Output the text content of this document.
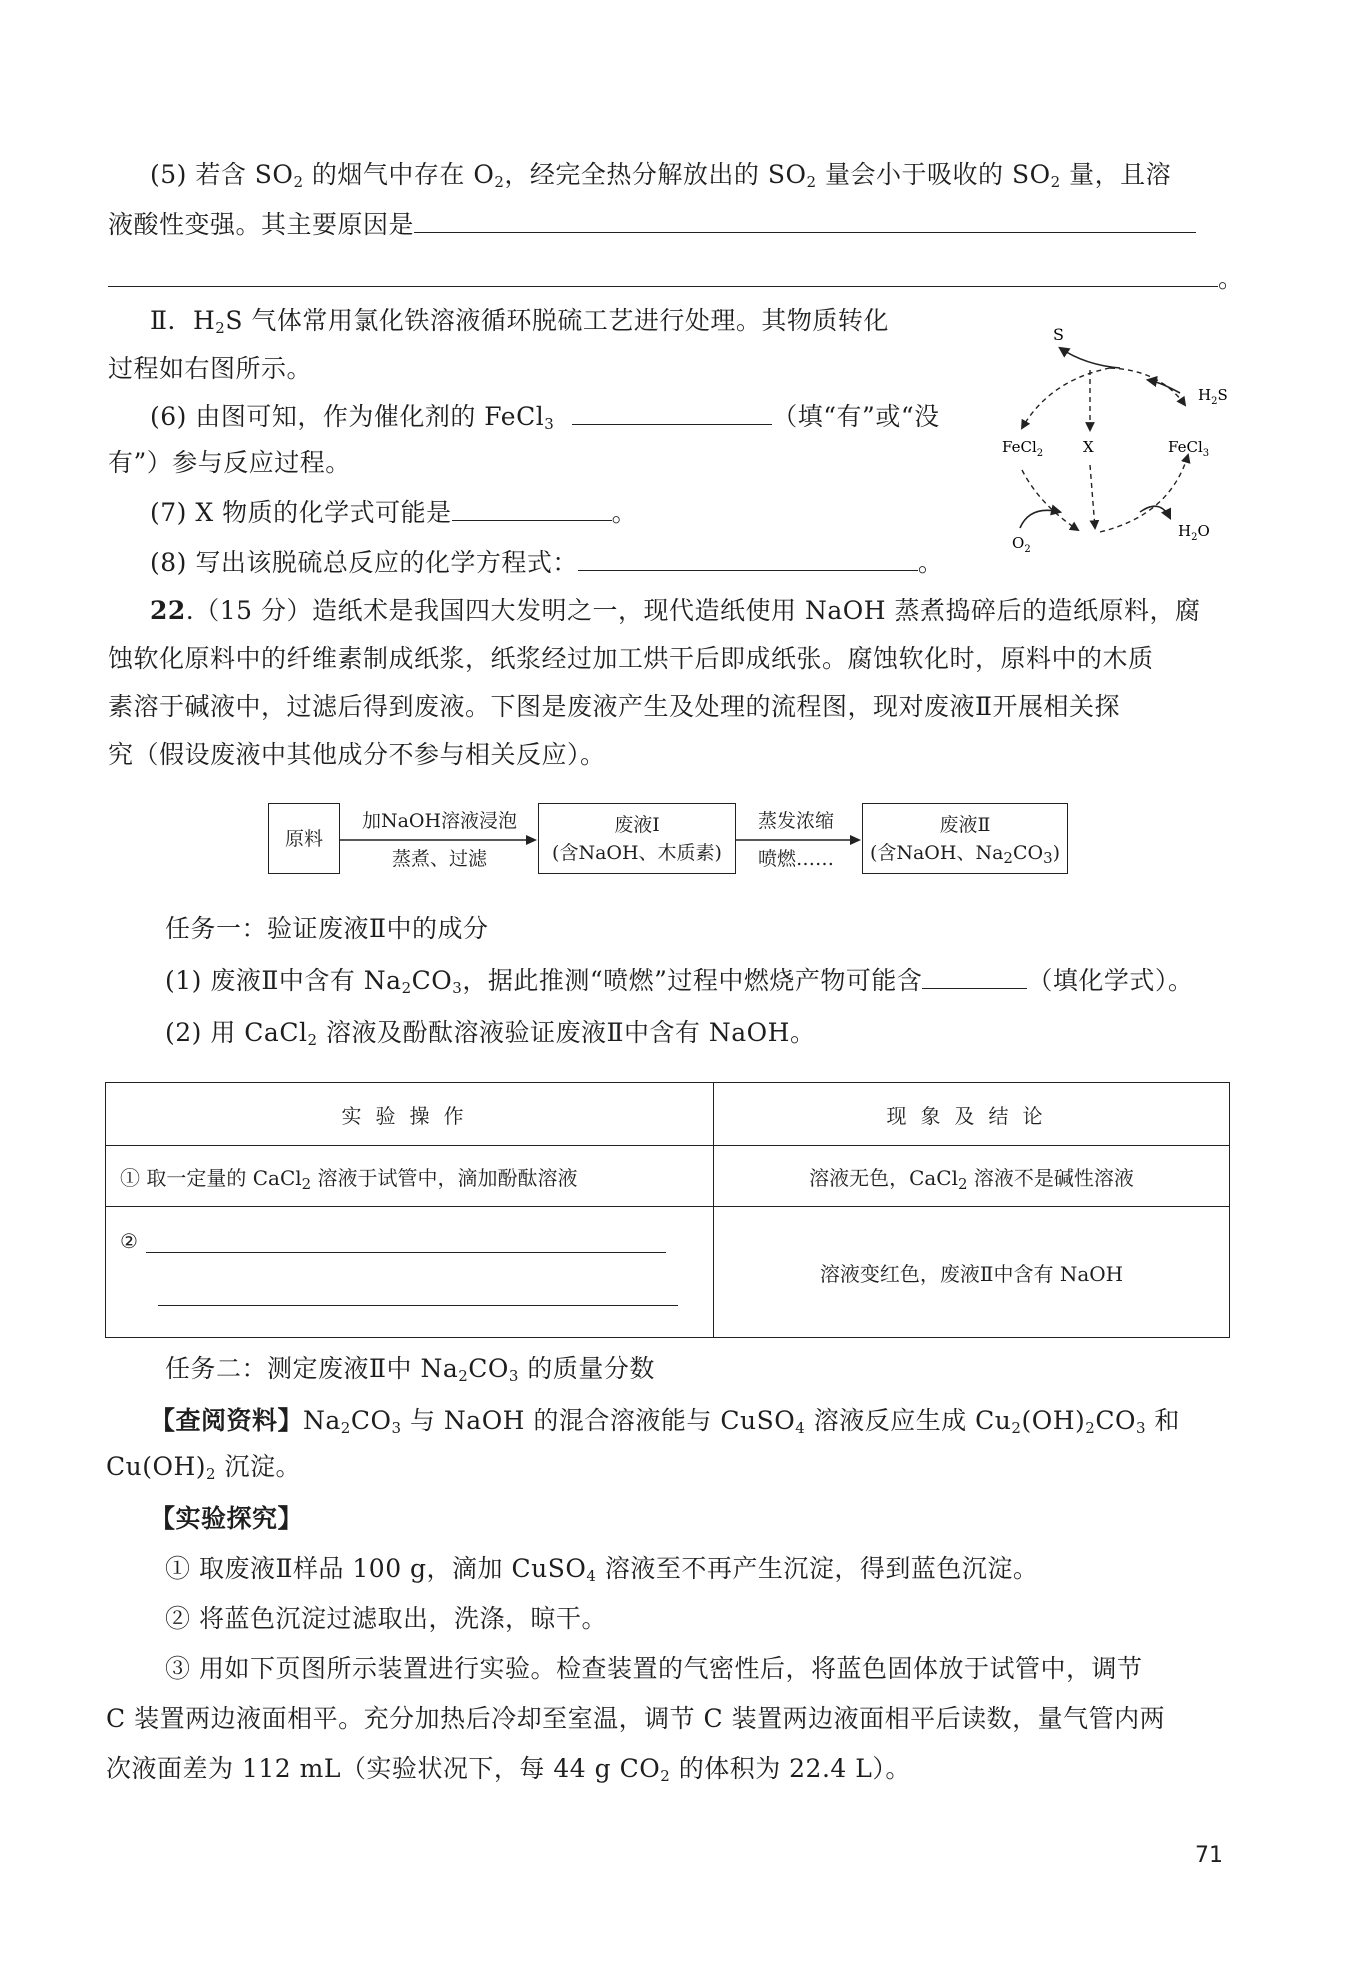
(5) 若含 $SO_2$ 的烟气中存在 $O_2$，经完全热分解放出的 $SO_2$ 量会小于吸收的 $SO_2$ 量，且溶
液酸性变强。其主要原因是
。
Ⅱ．$H_2S$ 气体常用氯化铁溶液循环脱硫工艺进行处理。其物质转化
过程如右图所示。
(6) 由图可知，作为催化剂的 FeCl$_3$	（填“有”或“没
有”）参与反应过程。
(7) X 物质的化学式可能是	。
(8) 写出该脱硫总反应的化学方程式：	。
S
$H_2S$
FeCl$_2$	X	FeCl$_3$
$O_2$
$H_2O$
22.（15 分）造纸术是我国四大发明之一，现代造纸使用 NaOH 蒸煮捣碎后的造纸原料，腐
蚀软化原料中的纤维素制成纸浆，纸浆经过加工烘干后即成纸张。腐蚀软化时，原料中的木质
素溶于碱液中，过滤后得到废液。下图是废液产生及处理的流程图，现对废液Ⅱ开展相关探
究（假设废液中其他成分不参与相关反应）。
原料
加NaOH溶液浸泡
蒸煮、过滤
废液Ⅰ
(含NaOH、木质素)
蒸发浓缩
喷燃……
废液Ⅱ
(含NaOH、$Na_2CO_3$)
任务一：验证废液Ⅱ中的成分
(1) 废液Ⅱ中含有 $Na_2CO_3$，据此推测“喷燃”过程中燃烧产物可能含	（填化学式）。
(2) 用 CaCl$_2$ 溶液及酚酞溶液验证废液Ⅱ中含有 NaOH。
实验操作	现象及结论
① 取一定量的 CaCl$_2$ 溶液于试管中，滴加酚酞溶液	溶液无色，CaCl$_2$ 溶液不是碱性溶液

②	溶液变红色，废液Ⅱ中含有 NaOH
任务二：测定废液Ⅱ中 $Na_2CO_3$ 的质量分数
【查阅资料】$Na_2CO_3$ 与 NaOH 的混合溶液能与 CuSO$_4$ 溶液反应生成 $Cu_2(OH)_2CO_3$ 和
$Cu(OH)_2$ 沉淀。
【实验探究】
① 取废液Ⅱ样品 100 g，滴加 CuSO$_4$ 溶液至不再产生沉淀，得到蓝色沉淀。
② 将蓝色沉淀过滤取出，洗涤，晾干。
③ 用如下页图所示装置进行实验。检查装置的气密性后，将蓝色固体放于试管中，调节
C 装置两边液面相平。充分加热后冷却至室温，调节 C 装置两边液面相平后读数，量气管内两
次液面差为 112 mL（实验状况下，每 44 g $CO_2$ 的体积为 22.4 L）。
71
